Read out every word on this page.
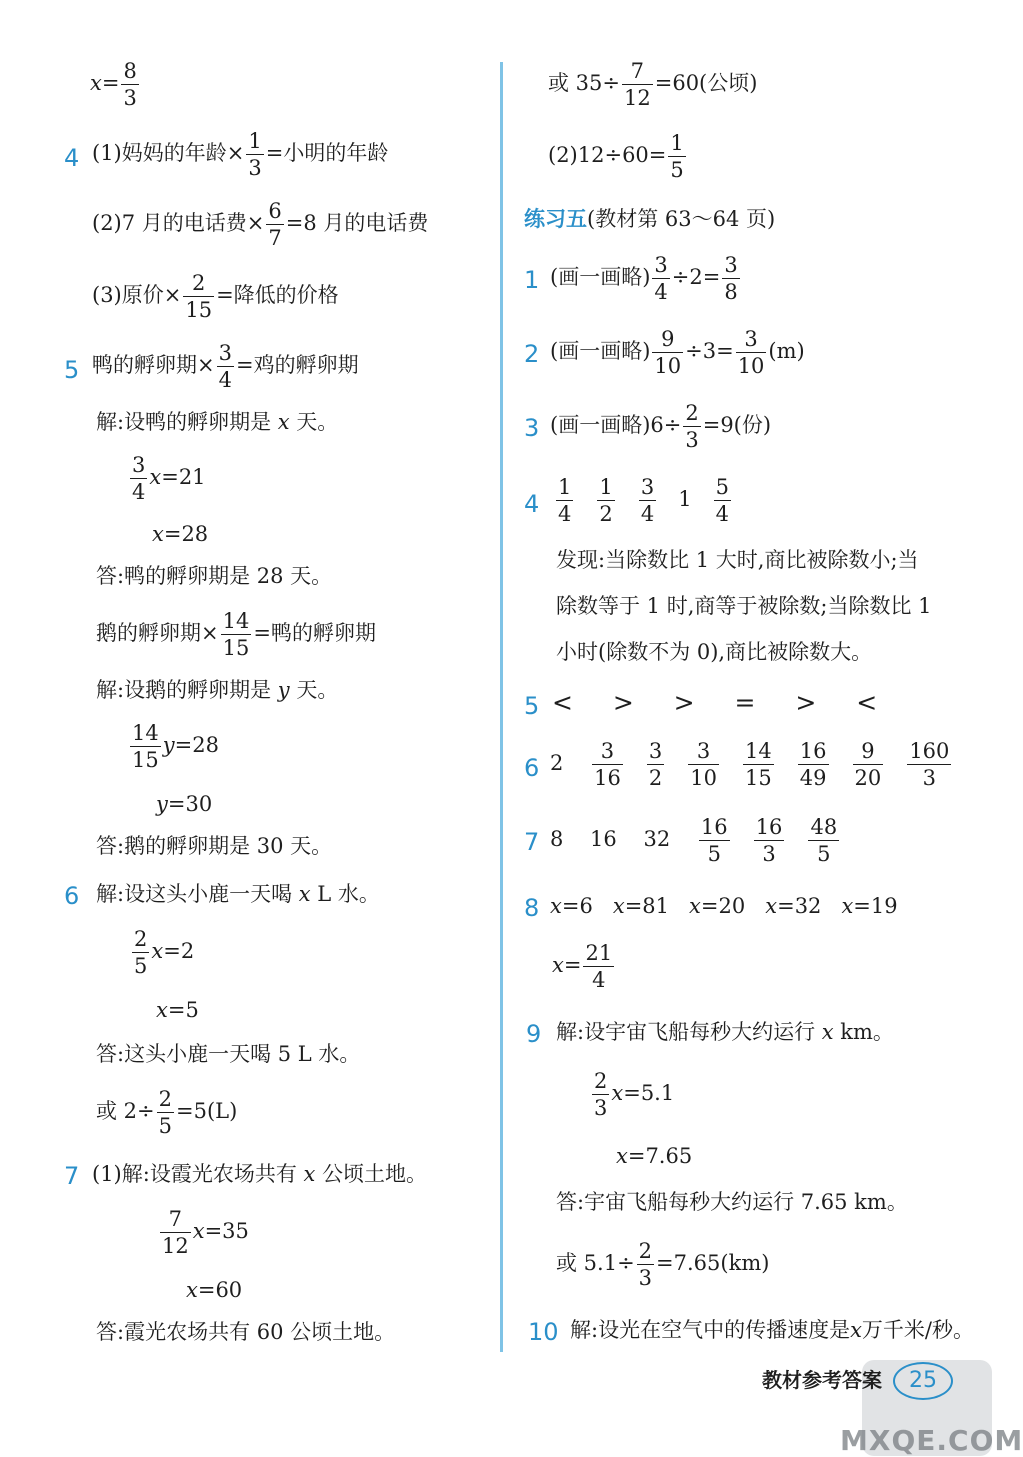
$x= \frac{8}{3}$
4 (1)妈妈的年龄× $\frac{1}{3}$ =小明的年龄
(2)7 月的电话费× $\frac{6}{7} =8$ 月的电话费
(3)原价× $\frac{2}{15}$ =降低的价格
5 鸭的孵卵期× $\frac{3}{4}$ =鸡的孵卵期
解:设鸭的孵卵期是 x 天。
$\frac{3}{4} x=21$
x=28
答:鸭的孵卵期是 28 天。
鹅的孵卵期× $\frac{14}{15}$ =鸭的孵卵期
解:设鹅的孵卵期是 y 天。
$\frac{14}{15} y=28$
y=30
答:鹅的孵卵期是 30 天。
6 解:设这头小鹿一天喝 x L 水。
$\frac{2}{5} x=2$
x=5
答:这头小鹿一天喝 5 L 水。
或 $2\div \frac{2}{5} =5(L)$
7 (1)解:设霞光农场共有 x 公顷土地。
$\frac{7}{12} x=35$
x=60
答:霞光农场共有 60 公顷土地。
或 $35\div \frac{7}{12} =60$(公顷)
$(2)12\div 60= \frac{1}{5}$
练习五(教材第 63～64 页)
1 (画一画略) $\frac{3}{4} \div 2= \frac{3}{8}$
2 (画一画略) $\frac{9}{10} \div 3= \frac{3}{10} (m)$
3 (画一画略)$6\div \frac{2}{3} =9$(份)
$4 \frac{1}{4}$
$\frac{1}{2}$
$\frac{3}{4} 1 \frac{5}{4}$
发现:当除数比 1 大时,商比被除数小;当
除数等于 1 时,商等于被除数;当除数比 1
小时(除数不为 0),商比被除数大。
5 <  >  >  =  >  <
6 $2 \frac{3}{16}$
$\frac{3}{2}$
$\frac{3}{10}$
$\frac{14}{15}$
$\frac{16}{49}$
$\frac{9}{20}$
$\frac{160}{3}$
7 8    16    $32 \frac{16}{5}$
$\frac{16}{3}$
$\frac{48}{5}$
8 x=6 x=81 x=20 x=32 x=19
$x= \frac{21}{4}$
9 解:设宇宙飞船每秒大约运行 x km。
$\frac{2}{3} x=5.1$
x=7.65
答:宇宙飞船每秒大约运行 7.65 km。
或 $5.1\div \frac{2}{3} =7.65(km)$
10 解:设光在空气中的传播速度是x万千米/秒。
教材参考答案	25
MXQE.COM
